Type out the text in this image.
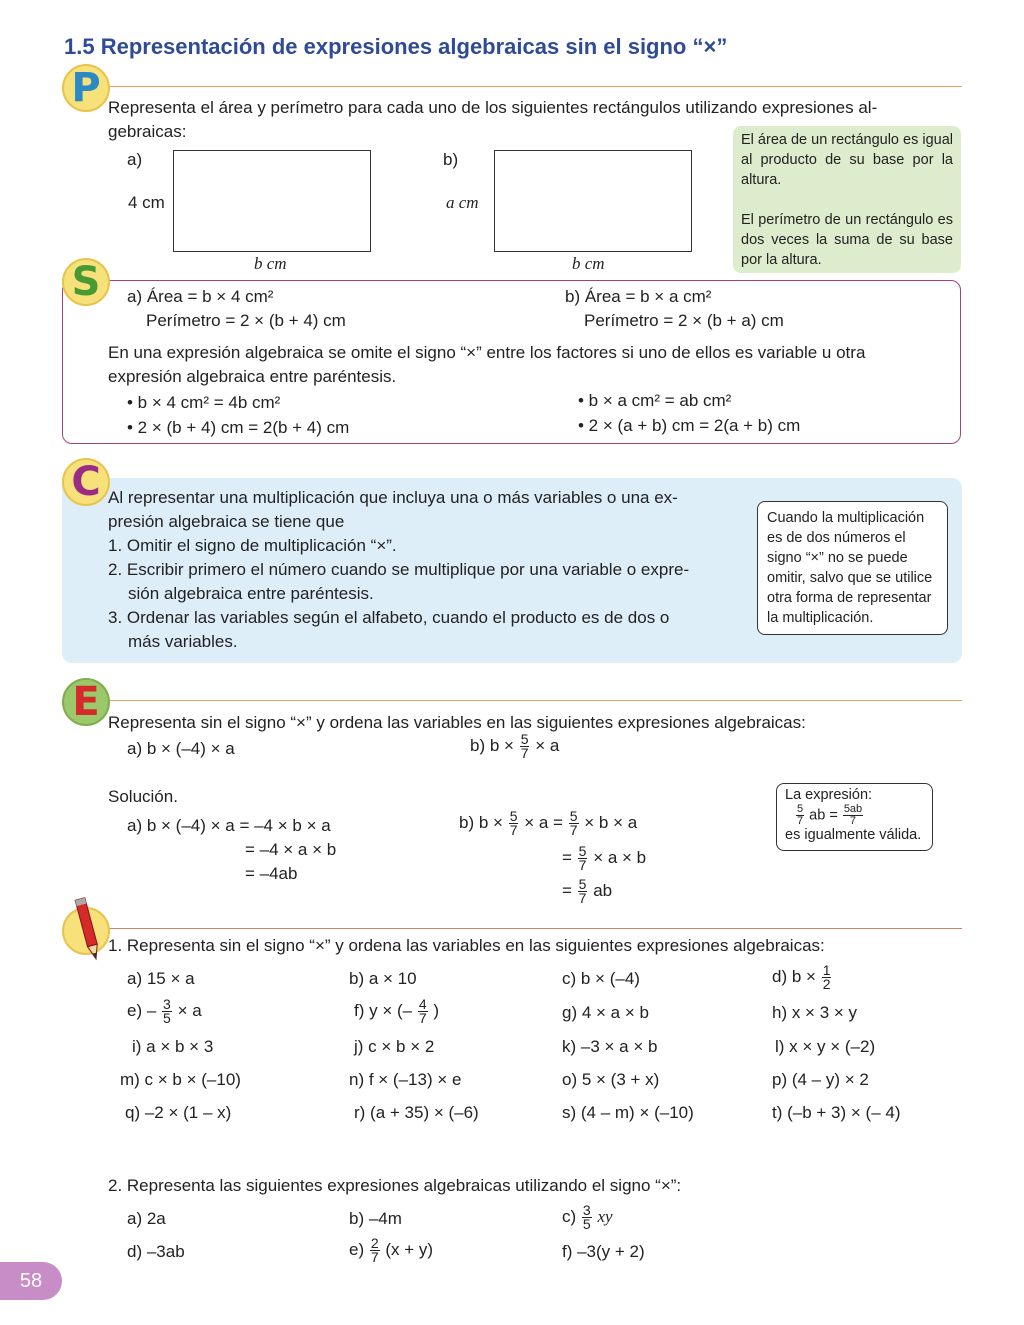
1.5 Representación de expresiones algebraicas sin el signo “×”
P Representa el área y perímetro para cada uno de los siguientes rectángulos utilizando expresiones al-
gebraicas:
a)
4 cm
b cm
b)
a cm
b cm
El área de un rectángulo es igual al producto de su base por la altura.
El perímetro de un rectángulo es dos veces la suma de su base por la altura.
S	a) Área = b × 4 cm²
Perímetro = 2 × (b + 4) cm
b) Área = b × a cm²
Perímetro = 2 × (b + a) cm
En una expresión algebraica se omite el signo “×” entre los factores si uno de ellos es variable u otra
expresión algebraica entre paréntesis.
• b × 4 cm² = 4b cm²
• 2 × (b + 4) cm = 2(b + 4) cm
• b × a cm² = ab cm²
• 2 × (a + b) cm = 2(a + b) cm
C Al representar una multiplicación que incluya una o más variables o una ex-
presión algebraica se tiene que
1. Omitir el signo de multiplicación “×”.
2. Escribir primero el número cuando se multiplique por una variable o expre-
sión algebraica entre paréntesis.
3. Ordenar las variables según el alfabeto, cuando el producto es de dos o
más variables.
Cuando la multiplicación es de dos números el signo “×” no se puede omitir, salvo que se utilice otra forma de representar la multiplicación.
E Representa sin el signo “×” y ordena las variables en las siguientes expresiones algebraicas:
a) b × (–4) × a	b) $b \times \frac{5}{7} \times a$
Solución.
a) b × (–4) × a = –4 × b × a
= –4 × a × b
= –4ab
b) $b \times \frac{5}{7} \times a = \frac{5}{7} \times b \times a$
= $\frac{5}{7} \times a \times b$
= $\frac{5}{7}$ ab
La expresión:
$\frac{5}{7}$ ab = $\frac{5ab}{7}$
es igualmente válida.
1. Representa sin el signo “×” y ordena las variables en las siguientes expresiones algebraicas:
a) 15 × a	b) a × 10	c) b × (–4)	d) $b \times \frac{1}{2}$
$e) - \frac{3}{5} \times a$	f) y × (– $\frac{4}{7}$ )	g) 4 × a × b	h) x × 3 × y
i) a × b × 3	j) c × b × 2	k) –3 × a × b	l) x × y × (–2)
m) c × b × (–10)	n) f × (–13) × e	o) 5 × (3 + x)	p) (4 – y) × 2
q) –2 × (1 – x)	r) (a + 35) × (–6)	s) (4 – m) × (–10)	t) (–b + 3) × (– 4)
2. Representa las siguientes expresiones algebraicas utilizando el signo “×”:
a) 2a	b) –4m	$c) \frac{3}{5}$ xy
d) –3ab	$e) \frac{2}{7} (x + y)$	f) –3(y + 2)
58
